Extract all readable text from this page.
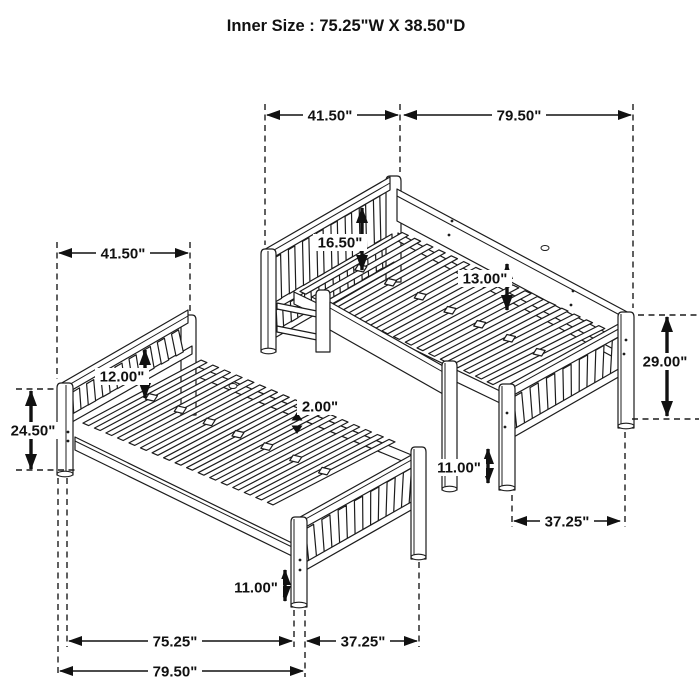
Inner Size : 75.25"W X 38.50"D
41.50"	79.50"
41.50"
16.50"
13.00"
29.00"
11.00"
37.25"
12.00"
24.50"
2.00"
11.00"
75.25"	37.25"
79.50"
